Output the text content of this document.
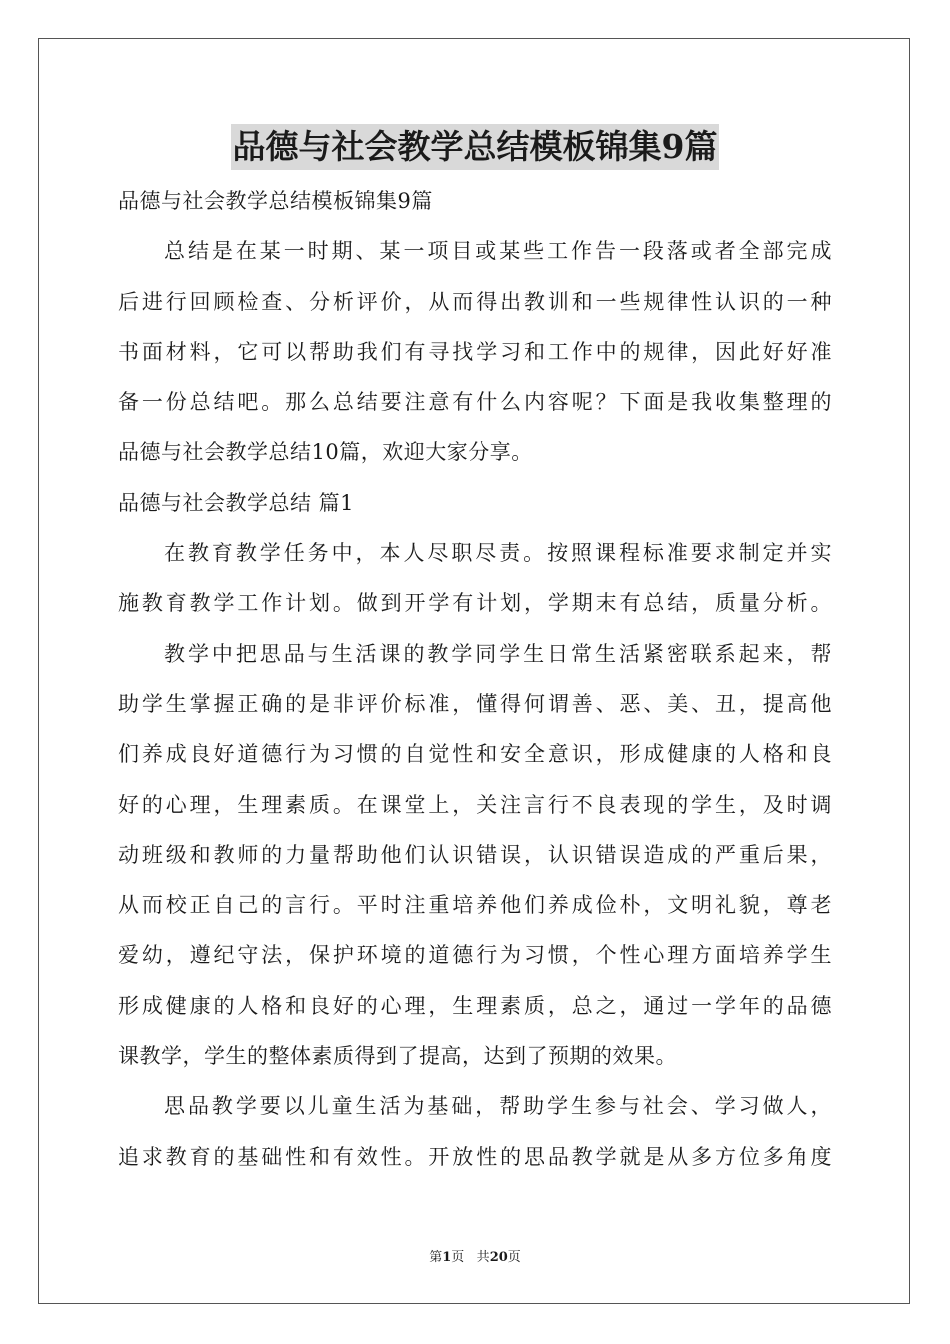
品德与社会教学总结模板锦集9篇
品德与社会教学总结模板锦集9篇
总结是在某一时期、某一项目或某些工作告一段落或者全部完成
后进行回顾检查、分析评价，从而得出教训和一些规律性认识的一种
书面材料，它可以帮助我们有寻找学习和工作中的规律，因此好好准
备一份总结吧。那么总结要注意有什么内容呢？下面是我收集整理的
品德与社会教学总结10篇，欢迎大家分享。
品德与社会教学总结 篇1
在教育教学任务中，本人尽职尽责。按照课程标准要求制定并实
施教育教学工作计划。做到开学有计划，学期末有总结，质量分析。
教学中把思品与生活课的教学同学生日常生活紧密联系起来，帮
助学生掌握正确的是非评价标准，懂得何谓善、恶、美、丑，提高他
们养成良好道德行为习惯的自觉性和安全意识，形成健康的人格和良
好的心理，生理素质。在课堂上，关注言行不良表现的学生，及时调
动班级和教师的力量帮助他们认识错误，认识错误造成的严重后果，
从而校正自己的言行。平时注重培养他们养成俭朴，文明礼貌，尊老
爱幼，遵纪守法，保护环境的道德行为习惯，个性心理方面培养学生
形成健康的人格和良好的心理，生理素质，总之，通过一学年的品德
课教学，学生的整体素质得到了提高，达到了预期的效果。
思品教学要以儿童生活为基础，帮助学生参与社会、学习做人，
追求教育的基础性和有效性。开放性的思品教学就是从多方位多角度
第1页 共20页
